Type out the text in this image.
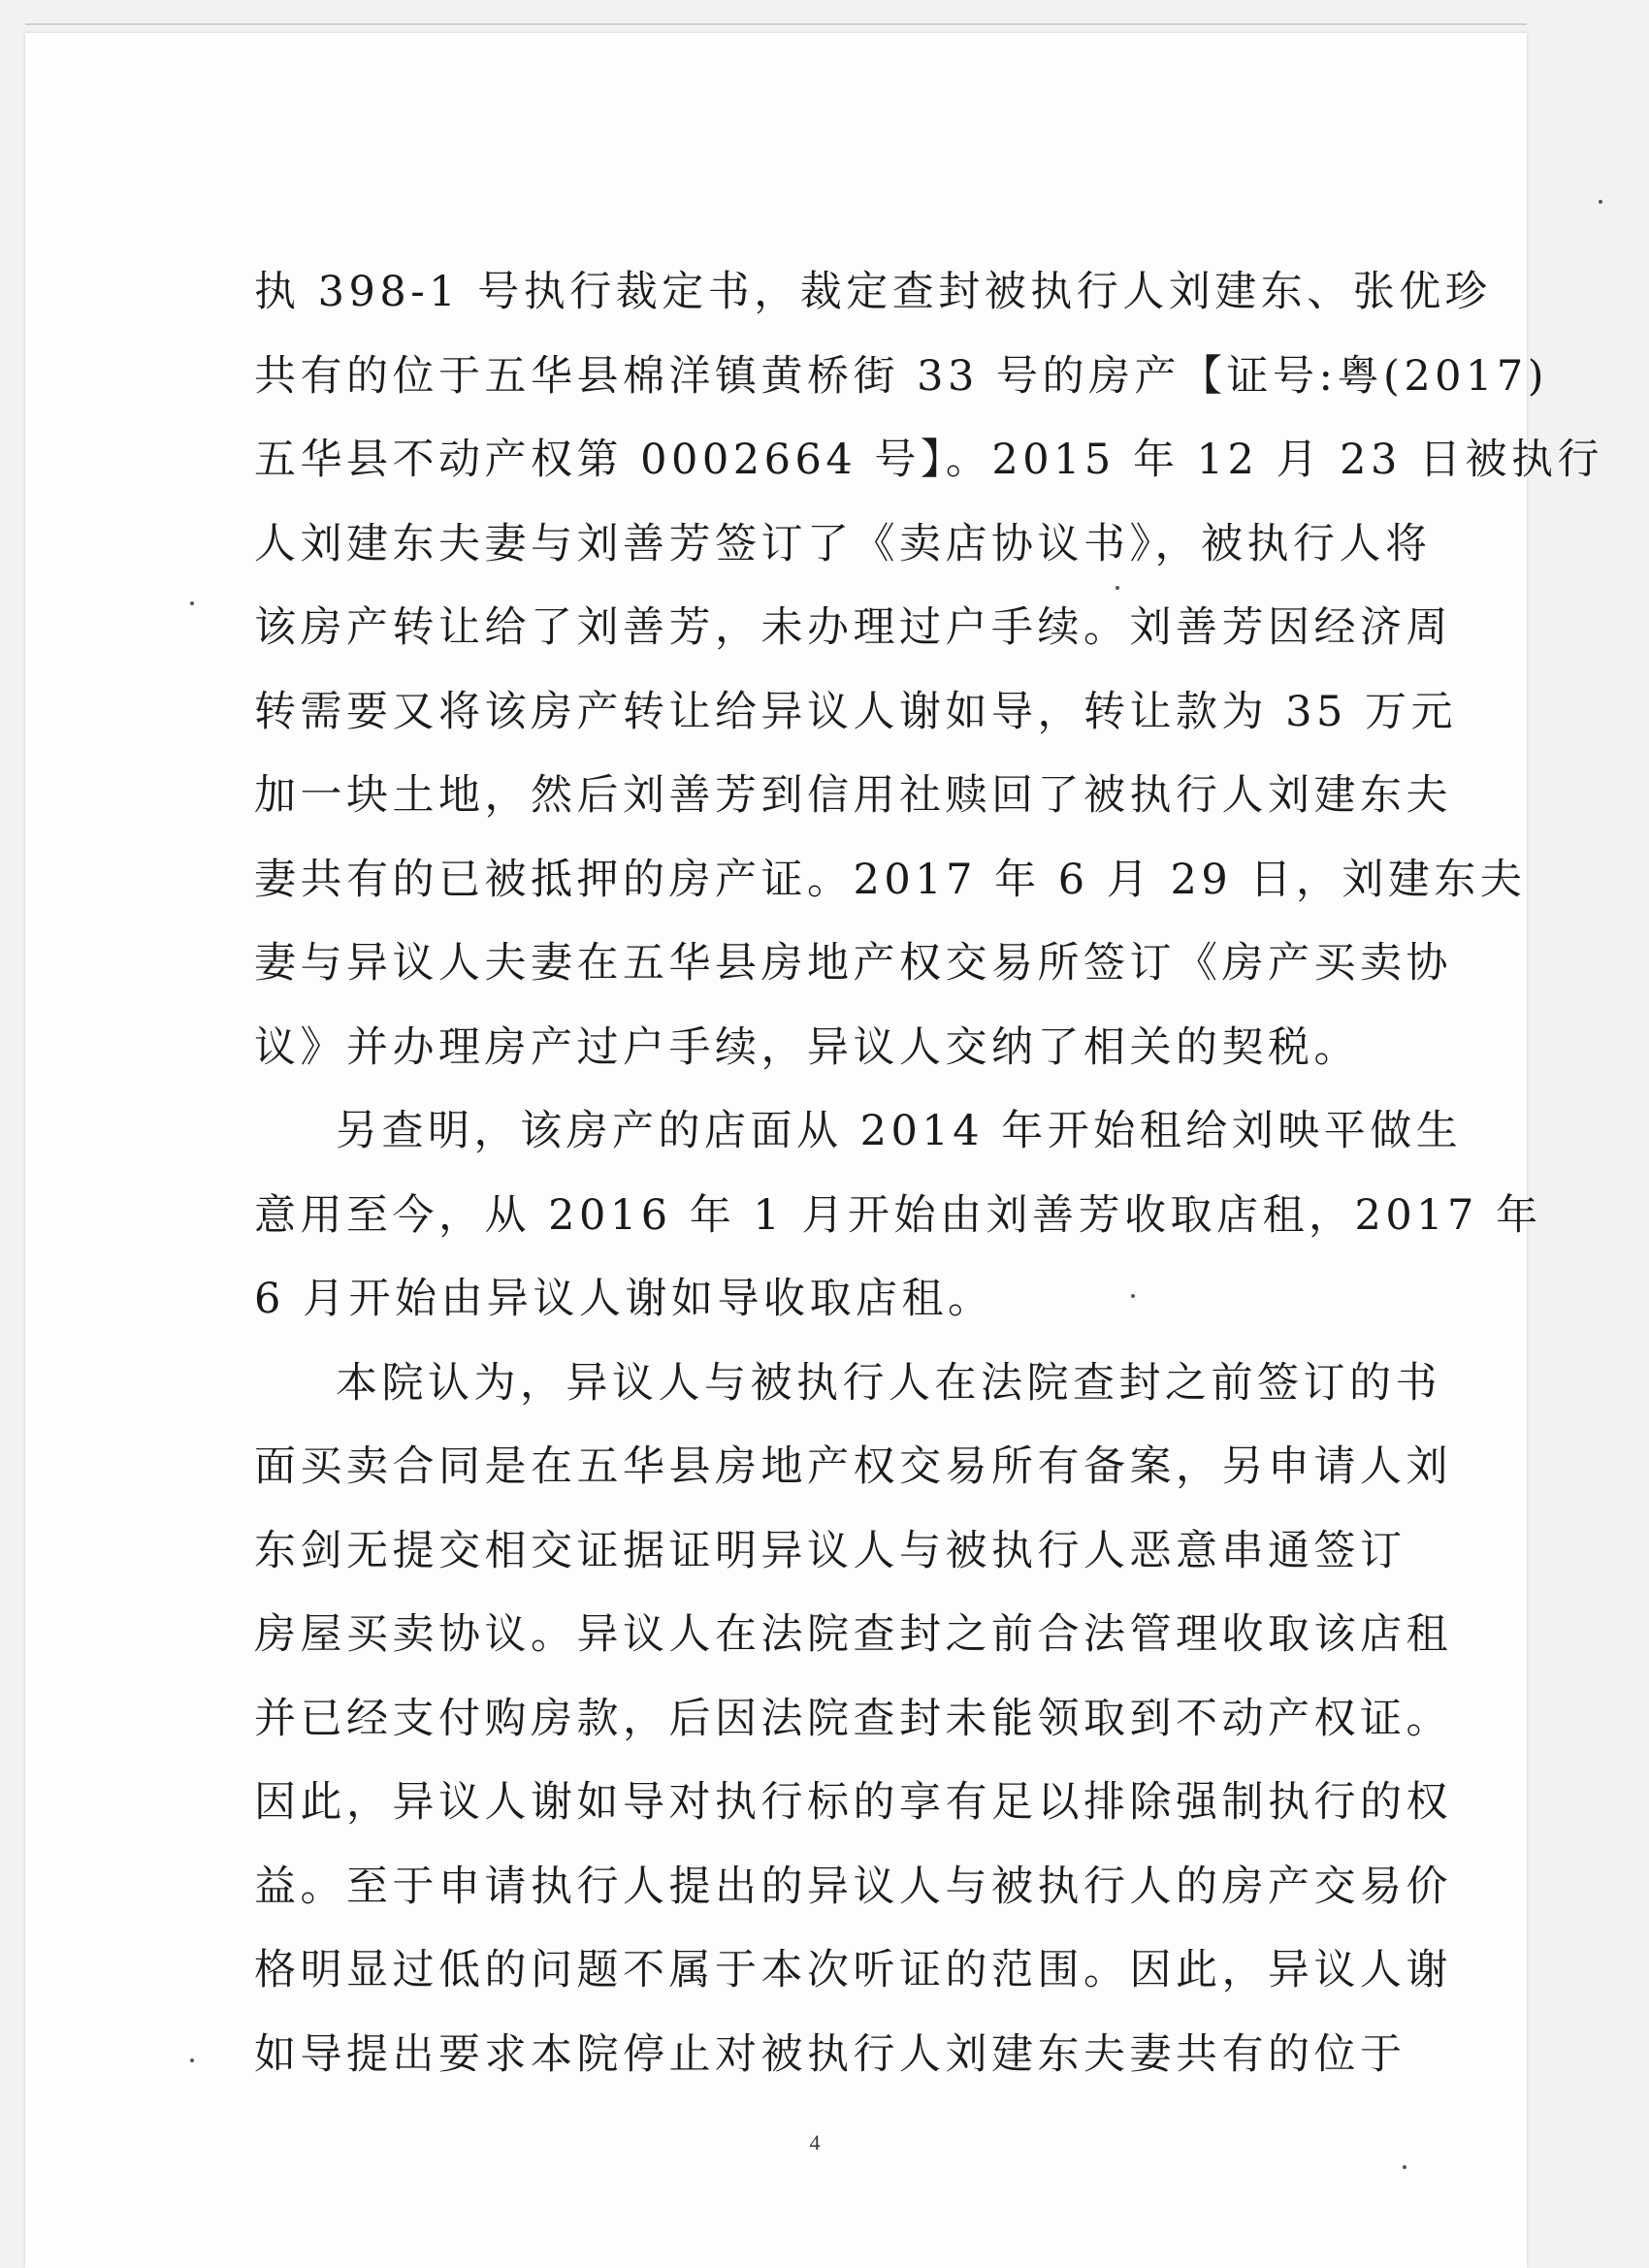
执 398-1 号执行裁定书，裁定查封被执行人刘建东、张优珍
共有的位于五华县棉洋镇黄桥街 33 号的房产【证号:粤(2017)
五华县不动产权第 0002664 号】。2015 年 12 月 23 日被执行
人刘建东夫妻与刘善芳签订了《卖店协议书》，被执行人将
该房产转让给了刘善芳，未办理过户手续。刘善芳因经济周
转需要又将该房产转让给异议人谢如导，转让款为 35 万元
加一块土地，然后刘善芳到信用社赎回了被执行人刘建东夫
妻共有的已被抵押的房产证。2017 年 6 月 29 日，刘建东夫
妻与异议人夫妻在五华县房地产权交易所签订《房产买卖协
议》并办理房产过户手续，异议人交纳了相关的契税。
另查明，该房产的店面从 2014 年开始租给刘映平做生
意用至今，从 2016 年 1 月开始由刘善芳收取店租，2017 年
6 月开始由异议人谢如导收取店租。
本院认为，异议人与被执行人在法院查封之前签订的书
面买卖合同是在五华县房地产权交易所有备案，另申请人刘
东剑无提交相交证据证明异议人与被执行人恶意串通签订
房屋买卖协议。异议人在法院查封之前合法管理收取该店租
并已经支付购房款，后因法院查封未能领取到不动产权证。
因此，异议人谢如导对执行标的享有足以排除强制执行的权
益。至于申请执行人提出的异议人与被执行人的房产交易价
格明显过低的问题不属于本次听证的范围。因此，异议人谢
如导提出要求本院停止对被执行人刘建东夫妻共有的位于
4
